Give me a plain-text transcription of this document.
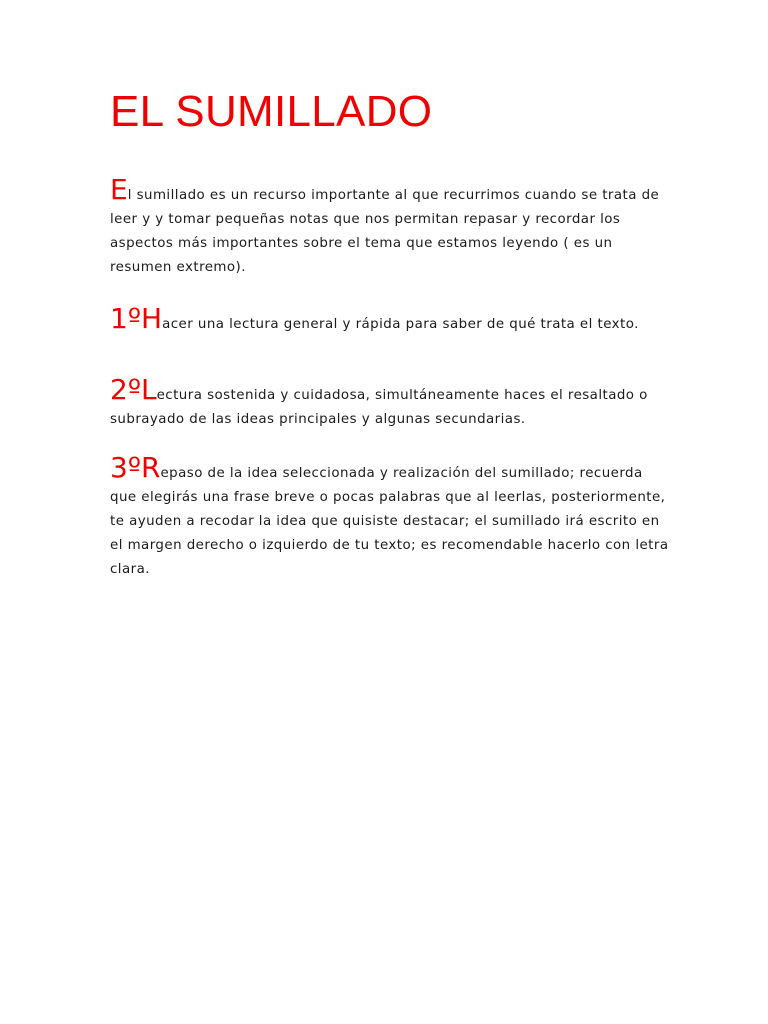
EL SUMILLADO

El sumillado es un recurso importante al que recurrimos cuando se trata de leer y y tomar pequeñas notas que nos permitan repasar y recordar los aspectos más importantes sobre el tema que estamos leyendo ( es un resumen extremo).

1ºHacer una lectura general y rápida para saber de qué trata el texto.

2ºLectura sostenida y cuidadosa, simultáneamente haces el resaltado o subrayado de las ideas principales y algunas secundarias.

3ºRepaso de la idea seleccionada y realización del sumillado; recuerda que elegirás una frase breve o pocas palabras que al leerlas, posteriormente, te ayuden a recodar la idea que quisiste destacar; el sumillado irá escrito en el margen derecho o izquierdo de tu texto; es recomendable hacerlo con letra clara.
